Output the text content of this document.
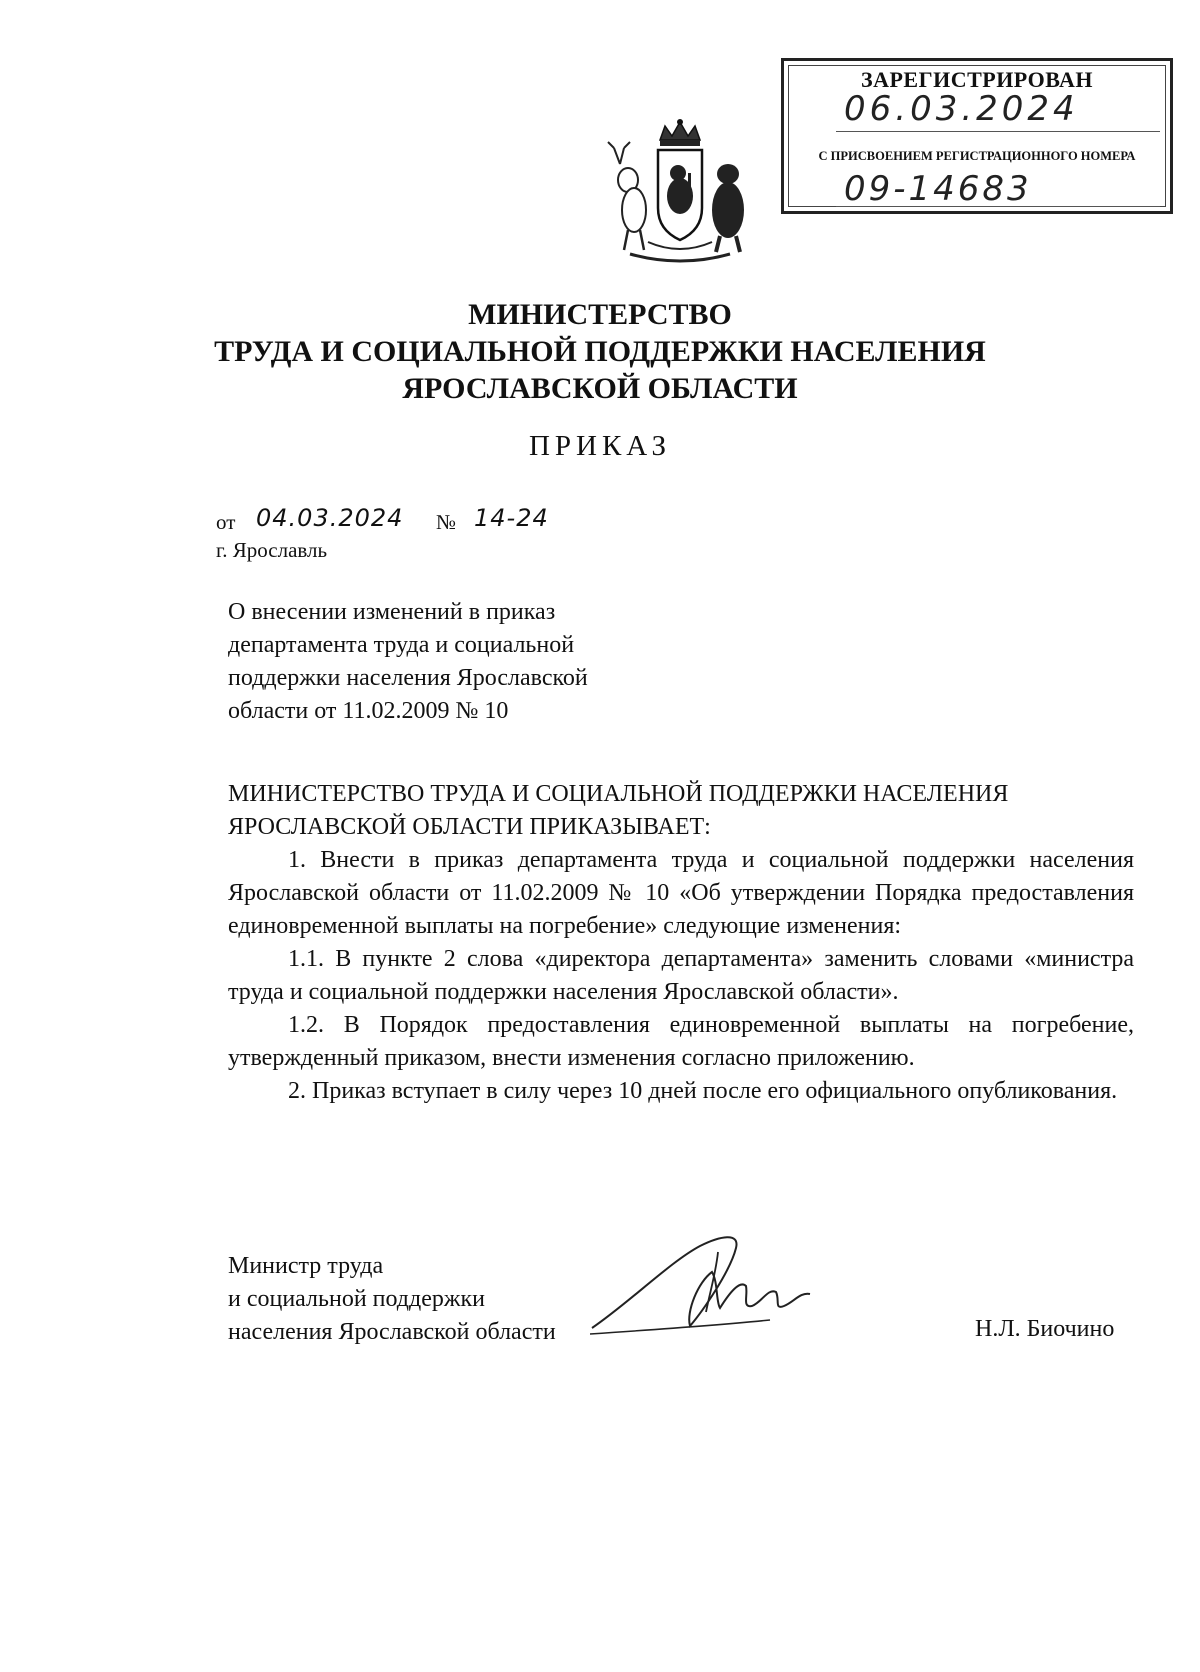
ЗАРЕГИСТРИРОВАН
06.03.2024
С ПРИСВОЕНИЕМ РЕГИСТРАЦИОННОГО НОМЕРА
09-14683
МИНИСТЕРСТВО
ТРУДА И СОЦИАЛЬНОЙ ПОДДЕРЖКИ НАСЕЛЕНИЯ
ЯРОСЛАВСКОЙ ОБЛАСТИ
ПРИКАЗ
от 04.03.2024 № 14-24
г. Ярославль
О внесении изменений в приказ
департамента труда и социальной
поддержки населения Ярославской
области от 11.02.2009 № 10
МИНИСТЕРСТВО ТРУДА И СОЦИАЛЬНОЙ ПОДДЕРЖКИ НАСЕЛЕНИЯ
ЯРОСЛАВСКОЙ ОБЛАСТИ ПРИКАЗЫВАЕТ:

1. Внести в приказ департамента труда и социальной поддержки населения Ярославской области от 11.02.2009 № 10 «Об утверждении Порядка предоставления единовременной выплаты на погребение» следующие изменения:

1.1. В пункте 2 слова «директора департамента» заменить словами «министра труда и социальной поддержки населения Ярославской области».

1.2. В Порядок предоставления единовременной выплаты на погребение, утвержденный приказом, внести изменения согласно приложению.

2. Приказ вступает в силу через 10 дней после его официального опубликования.

Министр труда
и социальной поддержки
населения Ярославской области	Н.Л. Биочино
